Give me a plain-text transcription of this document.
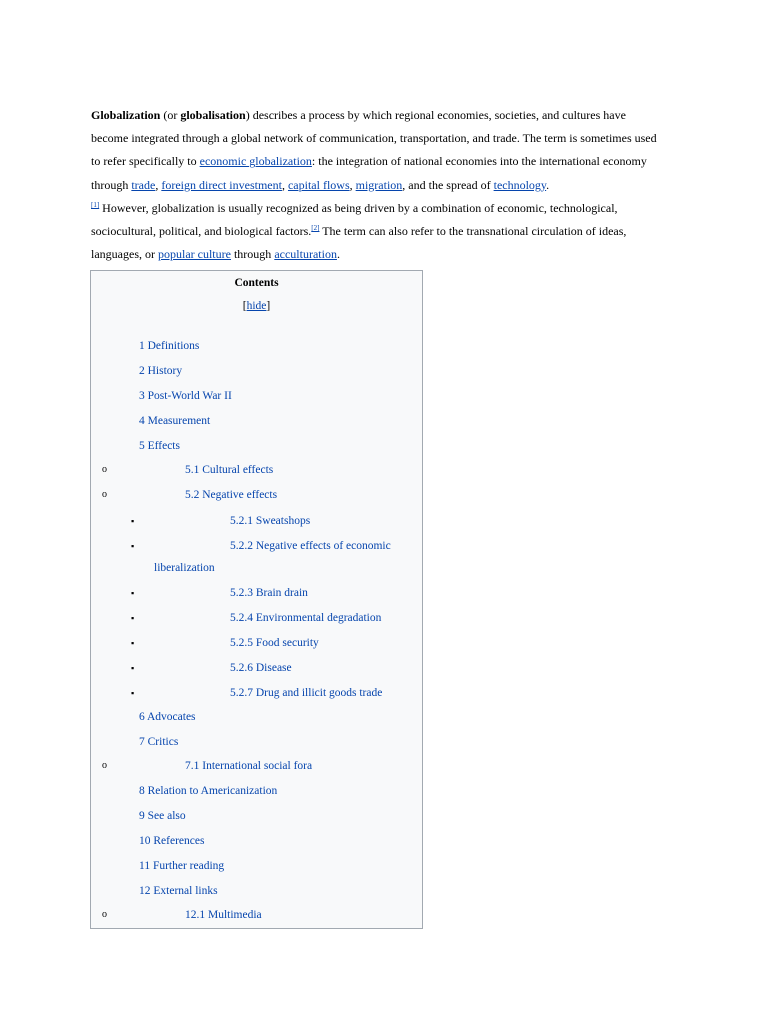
Globalization (or globalisation) describes a process by which regional economies, societies, and cultures have become integrated through a global network of communication, transportation, and trade. The term is sometimes used to refer specifically to economic globalization: the integration of national economies into the international economy through trade, foreign direct investment, capital flows, migration, and the spread of technology.
[1] However, globalization is usually recognized as being driven by a combination of economic, technological, sociocultural, political, and biological factors.[2] The term can also refer to the transnational circulation of ideas, languages, or popular culture through acculturation.

Contents
[hide]
1 Definitions
2 History
3 Post-World War II
4 Measurement
5 Effects
o	5.1 Cultural effects
o	5.2 Negative effects
▪	5.2.1 Sweatshops
▪	5.2.2 Negative effects of economic
liberalization
▪	5.2.3 Brain drain
▪	5.2.4 Environmental degradation
▪	5.2.5 Food security
▪	5.2.6 Disease
▪	5.2.7 Drug and illicit goods trade
6 Advocates
7 Critics
o	7.1 International social fora
8 Relation to Americanization
9 See also
10 References
11 Further reading
12 External links
o	12.1 Multimedia
